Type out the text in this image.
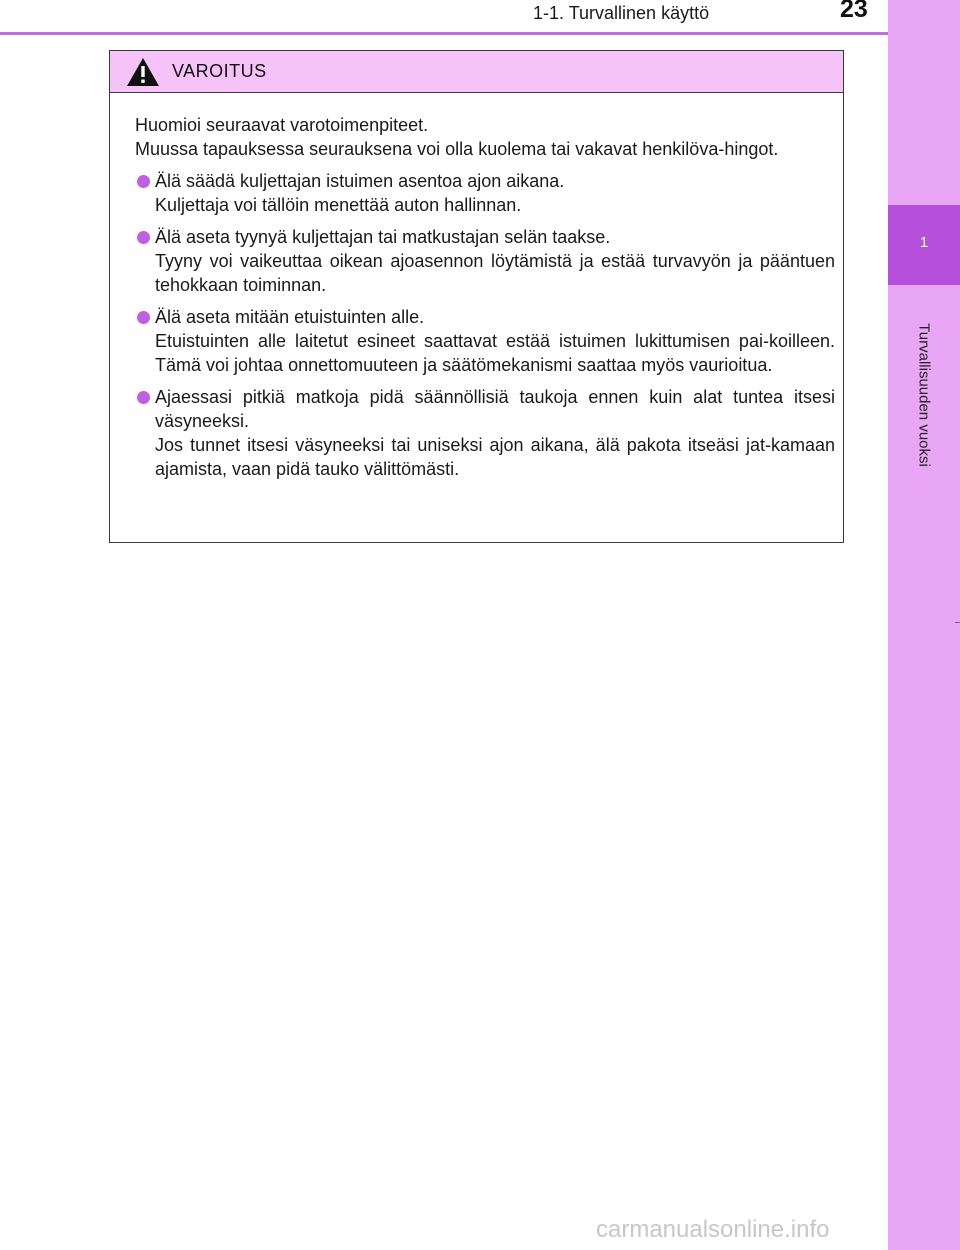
1
Turvallisuuden vuoksi
1-1. Turvallinen käyttö	23
VAROITUS

Huomioi seuraavat varotoimenpiteet.

Muussa tapauksessa seurauksena voi olla kuolema tai vakavat henkilöva-hingot.

Älä säädä kuljettajan istuimen asentoa ajon aikana.
Kuljettaja voi tällöin menettää auton hallinnan.
Älä aseta tyynyä kuljettajan tai matkustajan selän taakse.
Tyyny voi vaikeuttaa oikean ajoasennon löytämistä ja estää turvavyön ja pääntuen tehokkaan toiminnan.
Älä aseta mitään etuistuinten alle.
Etuistuinten alle laitetut esineet saattavat estää istuimen lukittumisen pai-koilleen. Tämä voi johtaa onnettomuuteen ja säätömekanismi saattaa myös vaurioitua.
Ajaessasi pitkiä matkoja pidä säännöllisiä taukoja ennen kuin alat tuntea itsesi väsyneeksi.
Jos tunnet itsesi väsyneeksi tai uniseksi ajon aikana, älä pakota itseäsi jat-kamaan ajamista, vaan pidä tauko välittömästi.
carmanualsonline.info
